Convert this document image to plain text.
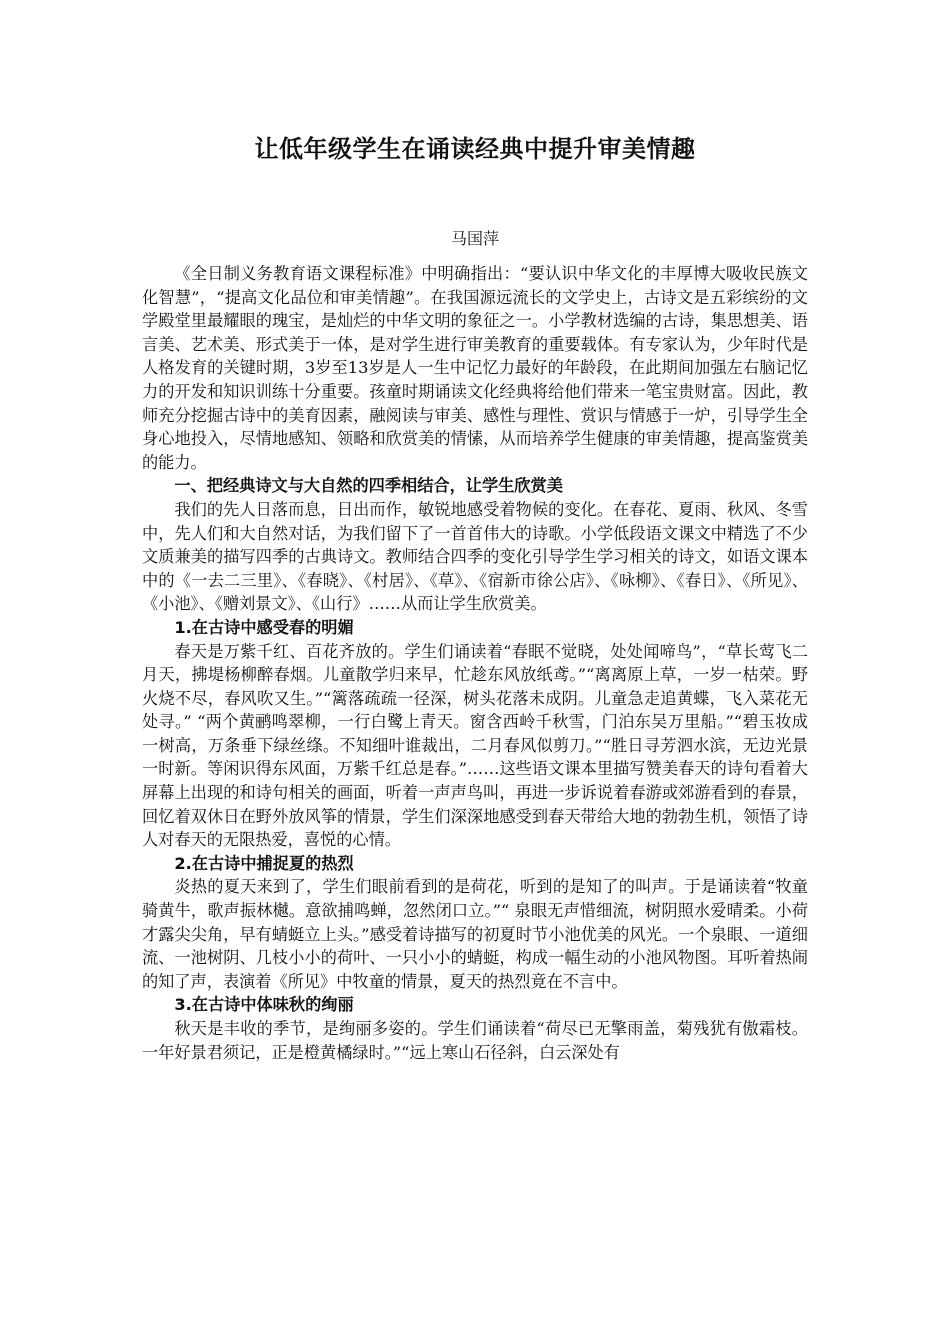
让低年级学生在诵读经典中提升审美情趣

马国萍

《全日制义务教育语文课程标准》中明确指出：“要认识中华文化的丰厚博大吸收民族文化智慧”，“提高文化品位和审美情趣”。在我国源远流长的文学史上，古诗文是五彩缤纷的文学殿堂里最耀眼的瑰宝，是灿烂的中华文明的象征之一。小学教材选编的古诗，集思想美、语言美、艺术美、形式美于一体，是对学生进行审美教育的重要载体。有专家认为，少年时代是人格发育的关键时期，3岁至13岁是人一生中记忆力最好的年龄段，在此期间加强左右脑记忆力的开发和知识训练十分重要。孩童时期诵读文化经典将给他们带来一笔宝贵财富。因此，教师充分挖掘古诗中的美育因素，融阅读与审美、感性与理性、赏识与情感于一炉，引导学生全身心地投入，尽情地感知、领略和欣赏美的情愫，从而培养学生健康的审美情趣，提高鉴赏美的能力。

一、把经典诗文与大自然的四季相结合，让学生欣赏美

我们的先人日落而息，日出而作，敏锐地感受着物候的变化。在春花、夏雨、秋风、冬雪中，先人们和大自然对话，为我们留下了一首首伟大的诗歌。小学低段语文课文中精选了不少文质兼美的描写四季的古典诗文。教师结合四季的变化引导学生学习相关的诗文，如语文课本中的《一去二三里》、《春晓》、《村居》、《草》、《宿新市徐公店》、《咏柳》、《春日》、《所见》、《小池》、《赠刘景文》、《山行》……从而让学生欣赏美。

1.在古诗中感受春的明媚

春天是万紫千红、百花齐放的。学生们诵读着“春眠不觉晓，处处闻啼鸟”，“草长莺飞二月天，拂堤杨柳醉春烟。儿童散学归来早，忙趁东风放纸鸢。”“离离原上草，一岁一枯荣。野火烧不尽，春风吹又生。”“篱落疏疏一径深，树头花落未成阴。儿童急走追黄蝶，飞入菜花无处寻。” “两个黄鹂鸣翠柳，一行白鹭上青天。窗含西岭千秋雪，门泊东吴万里船。”“碧玉妆成一树高，万条垂下绿丝绦。不知细叶谁裁出，二月春风似剪刀。”“胜日寻芳泗水滨，无边光景一时新。等闲识得东风面，万紫千红总是春。”……这些语文课本里描写赞美春天的诗句看着大屏幕上出现的和诗句相关的画面，听着一声声鸟叫，再进一步诉说着春游或郊游看到的春景，回忆着双休日在野外放风筝的情景，学生们深深地感受到春天带给大地的勃勃生机，领悟了诗人对春天的无限热爱，喜悦的心情。

2.在古诗中捕捉夏的热烈

炎热的夏天来到了，学生们眼前看到的是荷花，听到的是知了的叫声。于是诵读着“牧童骑黄牛，歌声振林樾。意欲捕鸣蝉，忽然闭口立。”“ 泉眼无声惜细流，树阴照水爱晴柔。小荷才露尖尖角，早有蜻蜓立上头。”感受着诗描写的初夏时节小池优美的风光。一个泉眼、一道细流、一池树阴、几枝小小的荷叶、一只小小的蜻蜓，构成一幅生动的小池风物图。耳听着热闹的知了声，表演着《所见》中牧童的情景，夏天的热烈竟在不言中。

3.在古诗中体味秋的绚丽

秋天是丰收的季节，是绚丽多姿的。学生们诵读着“荷尽已无擎雨盖，菊残犹有傲霜枝。一年好景君须记，正是橙黄橘绿时。”“远上寒山石径斜，白云深处有
